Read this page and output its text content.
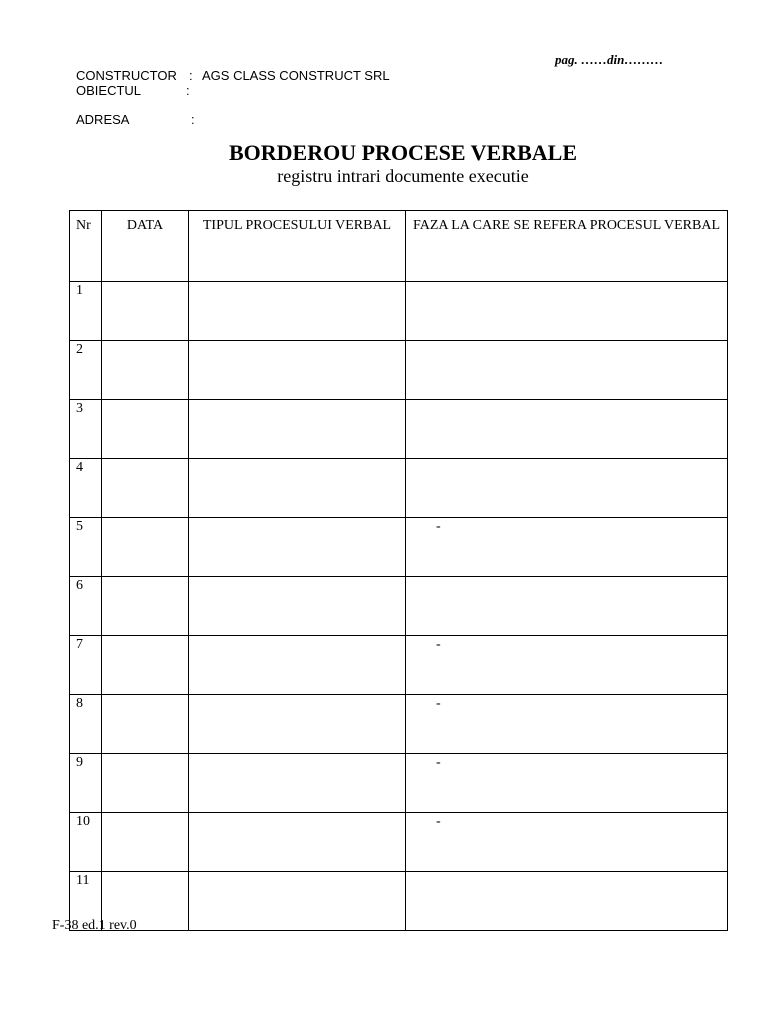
pag. ……din………

CONSTRUCTOR

:

AGS CLASS CONSTRUCT SRL

OBIECTUL

	:

ADRESA

	:

BORDEROU PROCESE VERBALE
registru intrari documente executie
Nr	DATA	TIPUL PROCESULUI VERBAL	FAZA LA CARE SE REFERA PROCESUL VERBAL
1			
2			
3			
4			
5			-
6			
7			-
8			-
9			-
10			-
11			
F-38 ed.1 rev.0
